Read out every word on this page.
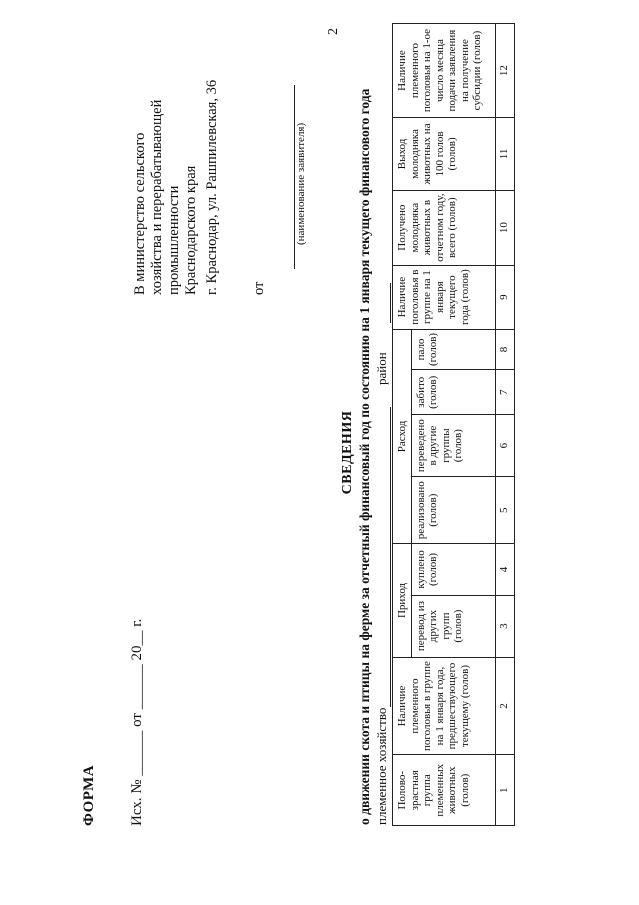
ФОРМА Исх. № ______ от ______ 20__ г.
В министерство сельского хозяйства и перерабатывающей промышленности Краснодарского края г. Краснодар, ул. Рашпилевская, 36 от
(наименование заявителя)
2
СВЕДЕНИЯ о движении скота и птицы на ферме за отчетный финансовый год по состоянию на 1 января текущего финансового года племенное хозяйство
район
Полово-зрастная группа племенных животных (голов)	Наличие племенного поголовья в группе на 1 января года, предшествующего текущему (голов)	Приход		Расход				Наличие поголовья в группе на 1 января текущего года (голов)	Получено молодняка животных в отчетном году, всего (голов)	Выход молодняка животных на 100 голов (голов)	Наличие племенного поголовья на 1-ое число месяца подачи заявления на получение субсидии (голов)
		перевод из других групп (голов)	куплено (голов)	реализовано (голов)	переведено в другие группы (голов)	забито (голов)	пало (голов)				
1	2	3	4	5	6	7	8	9	10	11	12
